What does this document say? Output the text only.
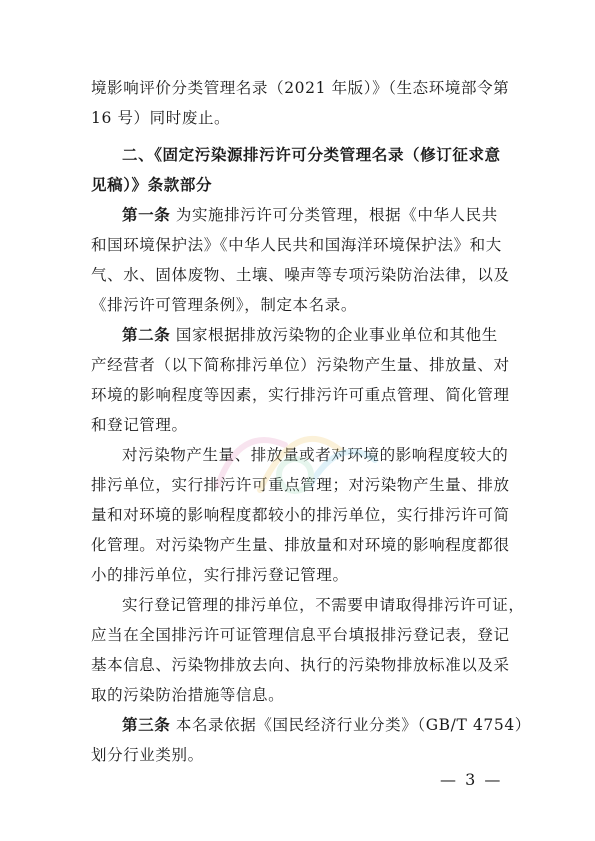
境影响评价分类管理名录（2021 年版）》（生态环境部令第
16 号）同时废止。
二、《固定污染源排污许可分类管理名录（修订征求意
见稿）》条款部分
第一条 为实施排污许可分类管理，根据《中华人民共
和国环境保护法》《中华人民共和国海洋环境保护法》和大
气、水、固体废物、土壤、噪声等专项污染防治法律，以及
《排污许可管理条例》，制定本名录。
第二条 国家根据排放污染物的企业事业单位和其他生
产经营者（以下简称排污单位）污染物产生量、排放量、对
环境的影响程度等因素，实行排污许可重点管理、简化管理
和登记管理。
对污染物产生量、排放量或者对环境的影响程度较大的
排污单位，实行排污许可重点管理；对污染物产生量、排放
量和对环境的影响程度都较小的排污单位，实行排污许可简
化管理。对污染物产生量、排放量和对环境的影响程度都很
小的排污单位，实行排污登记管理。
实行登记管理的排污单位，不需要申请取得排污许可证，
应当在全国排污许可证管理信息平台填报排污登记表，登记
基本信息、污染物排放去向、执行的污染物排放标准以及采
取的污染防治措施等信息。
第三条 本名录依据《国民经济行业分类》（GB/T 4754）
划分行业类别。
— 3 —
